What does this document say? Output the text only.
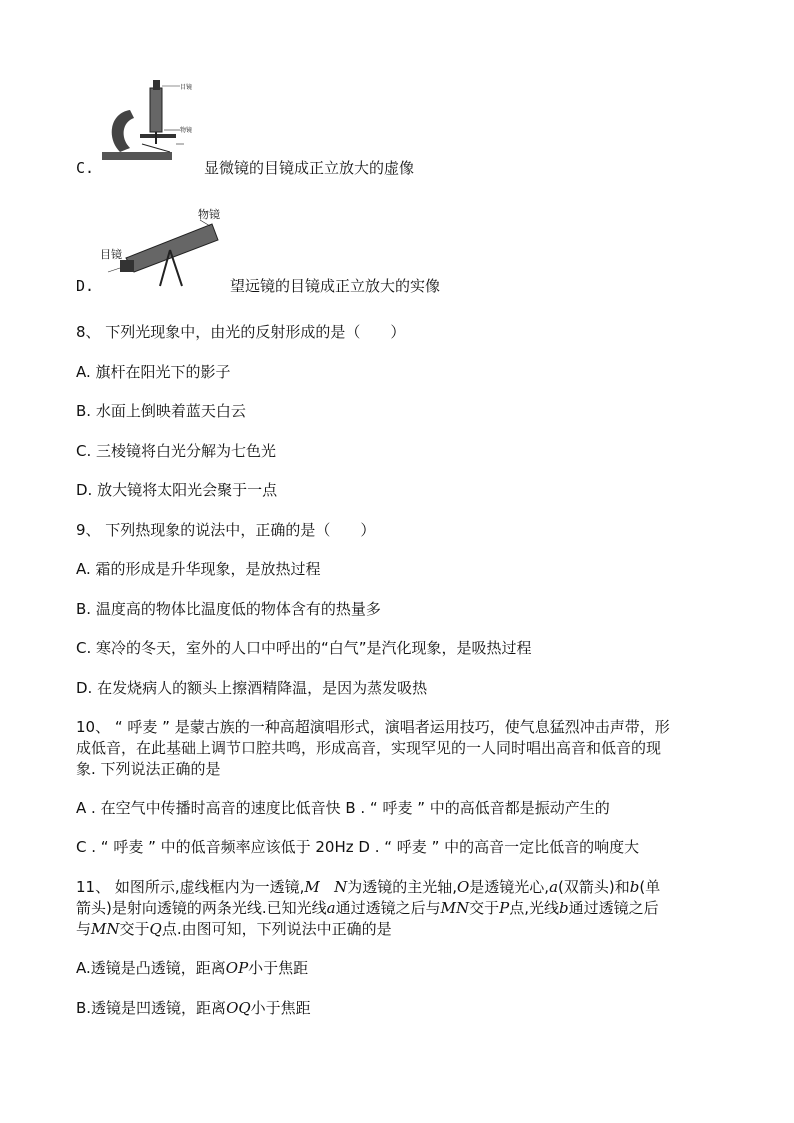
目镜
物镜
C.	显微镜的目镜成正立放大的虚像
物镜
目镜
D.	望远镜的目镜成正立放大的实像
8、 下列光现象中，由光的反射形成的是（　　）
A. 旗杆在阳光下的影子
B. 水面上倒映着蓝天白云
C. 三棱镜将白光分解为七色光
D. 放大镜将太阳光会聚于一点
9、 下列热现象的说法中，正确的是（　　）
A. 霜的形成是升华现象，是放热过程
B. 温度高的物体比温度低的物体含有的热量多
C. 寒冷的冬天，室外的人口中呼出的“白气”是汽化现象，是吸热过程
D. 在发烧病人的额头上擦酒精降温，是因为蒸发吸热
10、 “ 呼麦 ” 是蒙古族的一种高超演唱形式，演唱者运用技巧，使气息猛烈冲击声带，形
成低音，在此基础上调节口腔共鸣，形成高音，实现罕见的一人同时唱出高音和低音的现
象. 下列说法正确的是
A . 在空气中传播时高音的速度比低音快 B . “ 呼麦 ” 中的高低音都是振动产生的
C . “ 呼麦 ” 中的低音频率应该低于 20Hz D . “ 呼麦 ” 中的高音一定比低音的响度大
11、 如图所示,虚线框内为一透镜,M N为透镜的主光轴,O是透镜光心,a(双箭头)和b(单
箭头)是射向透镜的两条光线.已知光线a通过透镜之后与MN交于P点,光线b通过透镜之后
与MN交于Q点.由图可知，下列说法中正确的是
A.透镜是凸透镜，距离OP小于焦距
B.透镜是凹透镜，距离OQ小于焦距
